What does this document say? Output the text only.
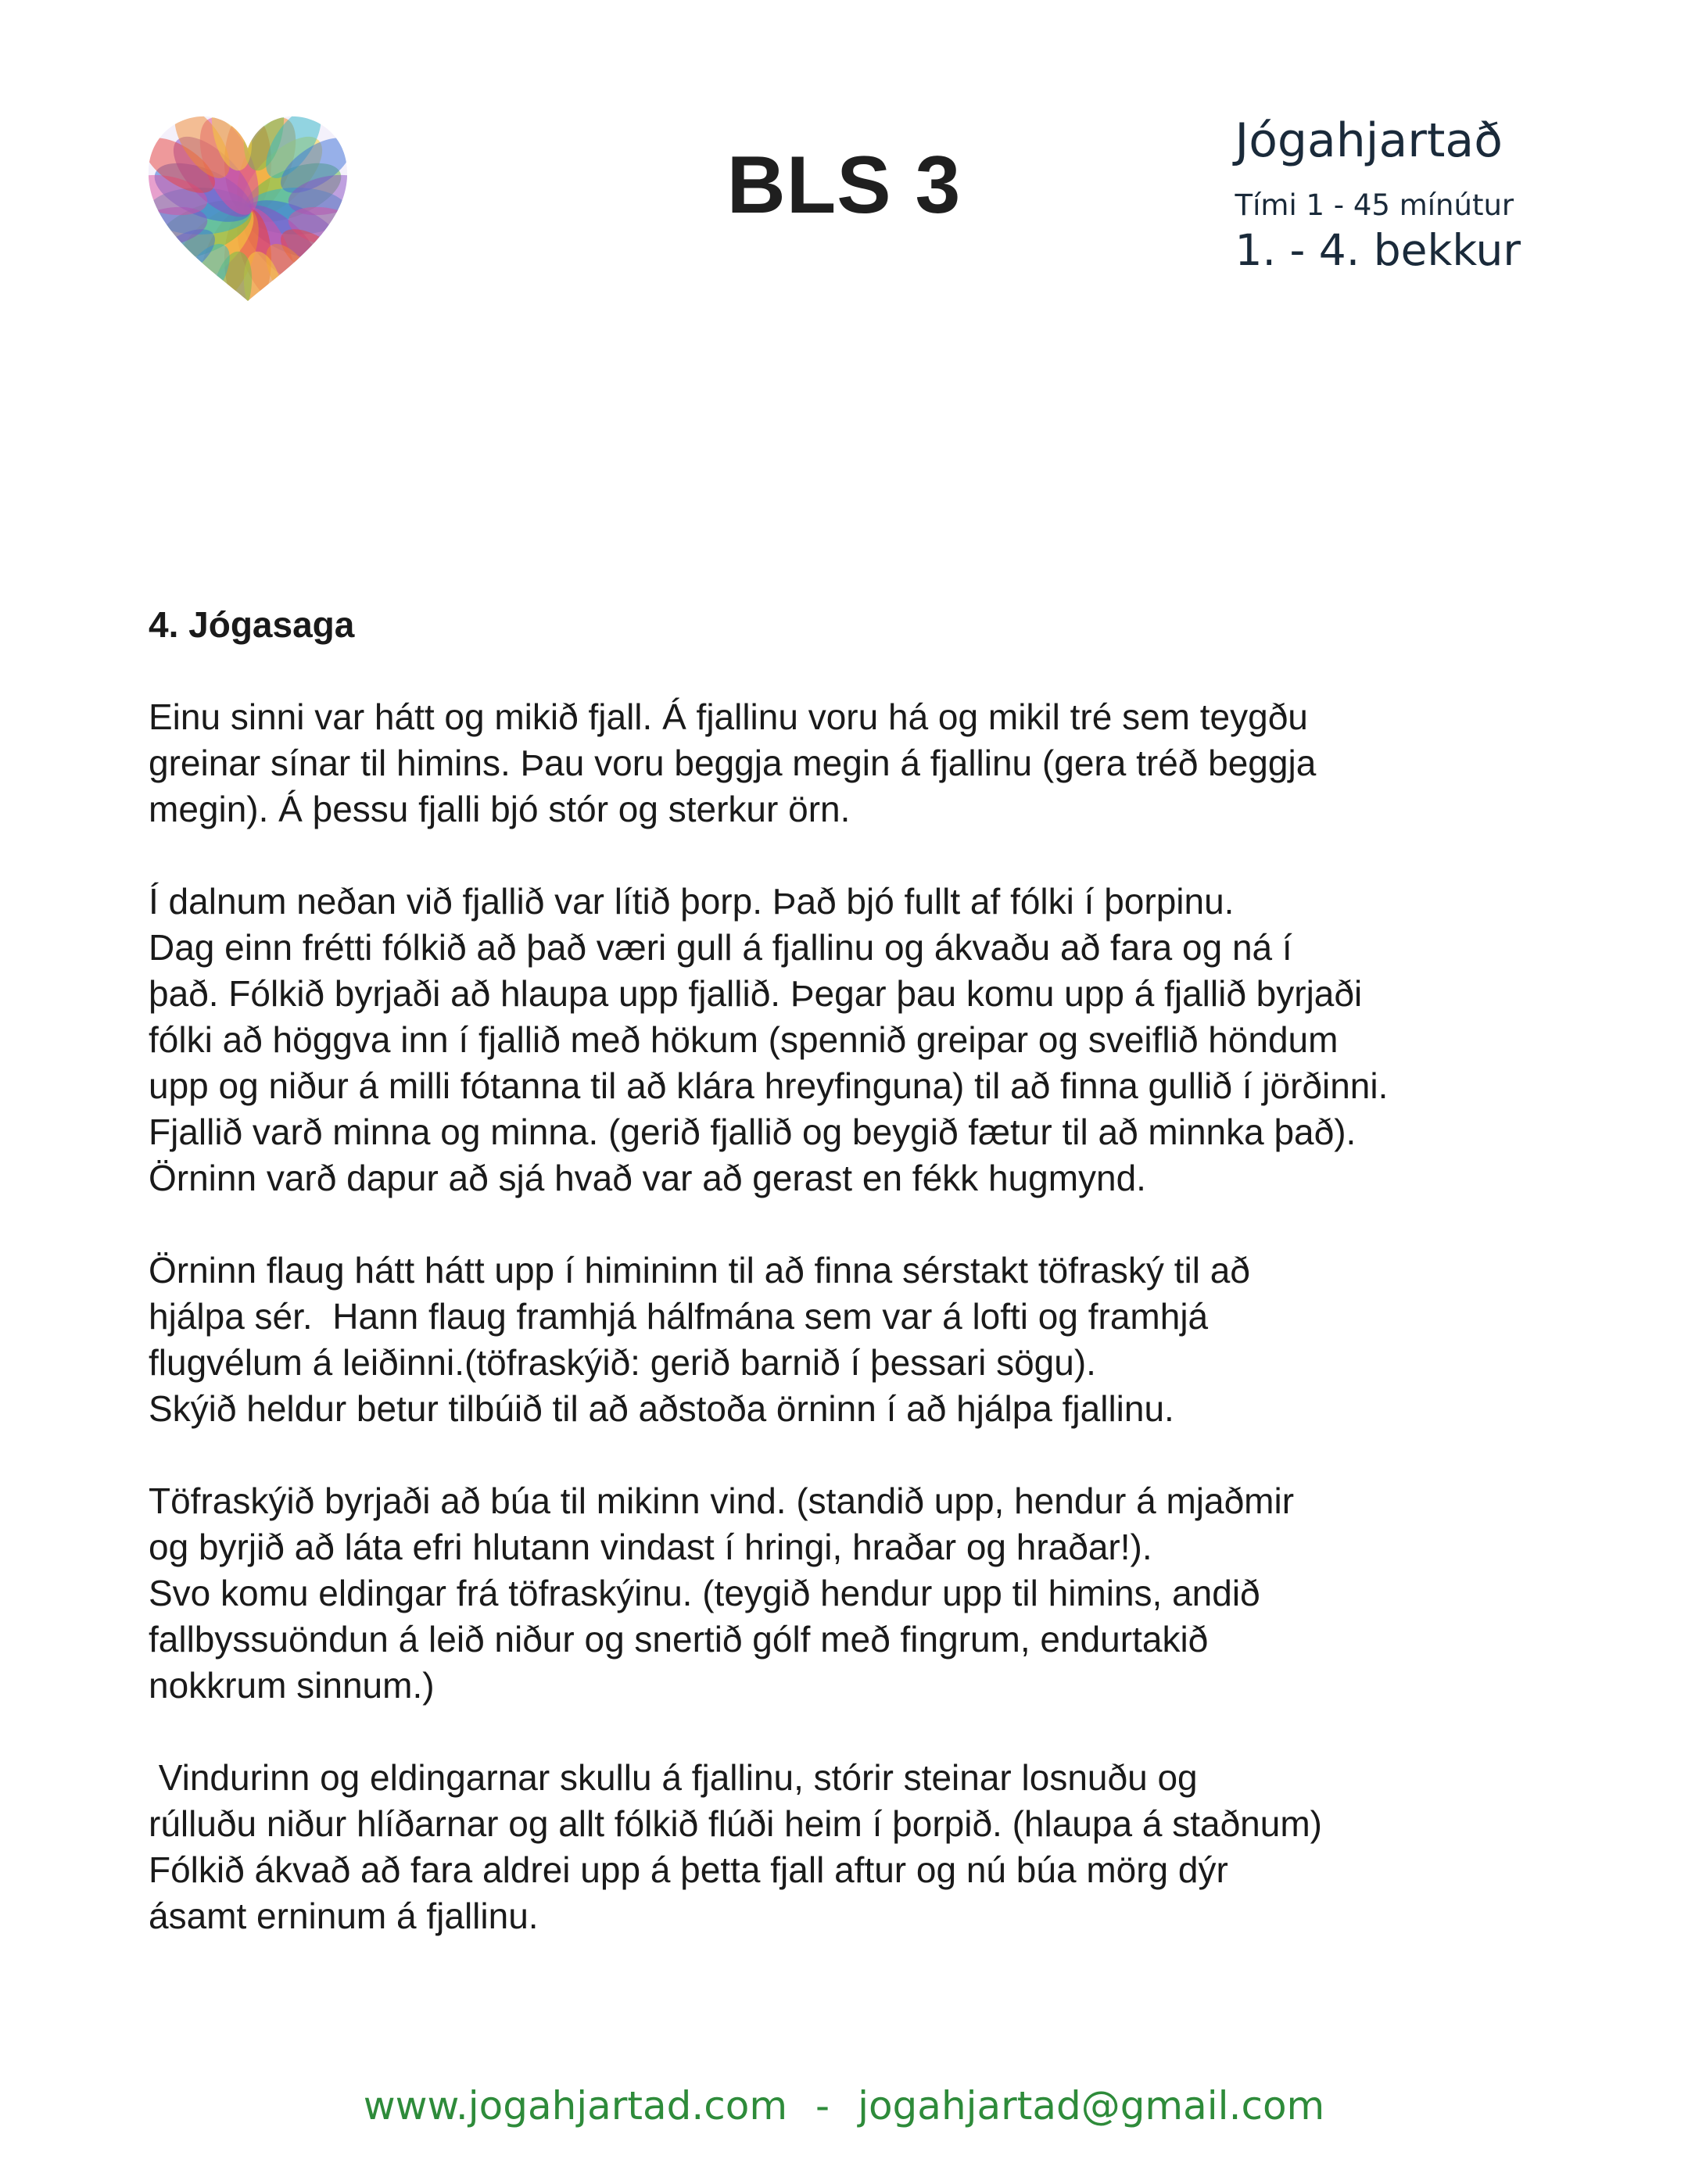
BLS 3	Jógahjartað
Tími 1 - 45 mínútur
1. - 4. bekkur
4. Jógasaga
Einu sinni var hátt og mikið fjall. Á fjallinu voru há og mikil tré sem teygðu
greinar sínar til himins. Þau voru beggja megin á fjallinu (gera tréð beggja
megin). Á þessu fjalli bjó stór og sterkur örn.
Í dalnum neðan við fjallið var lítið þorp. Það bjó fullt af fólki í þorpinu.
Dag einn frétti fólkið að það væri gull á fjallinu og ákvaðu að fara og ná í
það. Fólkið byrjaði að hlaupa upp fjallið. Þegar þau komu upp á fjallið byrjaði
fólki að höggva inn í fjallið með hökum (spennið greipar og sveiflið höndum
upp og niður á milli fótanna til að klára hreyfinguna) til að finna gullið í jörðinni.
Fjallið varð minna og minna. (gerið fjallið og beygið fætur til að minnka það).
Örninn varð dapur að sjá hvað var að gerast en fékk hugmynd.
Örninn flaug hátt hátt upp í himininn til að finna sérstakt töfraský til að
hjálpa sér.  Hann flaug framhjá hálfmána sem var á lofti og framhjá
flugvélum á leiðinni.(töfraskýið: gerið barnið í þessari sögu).
Skýið heldur betur tilbúið til að aðstoða örninn í að hjálpa fjallinu.
Töfraskýið byrjaði að búa til mikinn vind. (standið upp, hendur á mjaðmir
og byrjið að láta efri hlutann vindast í hringi, hraðar og hraðar!).
Svo komu eldingar frá töfraskýinu. (teygið hendur upp til himins, andið
fallbyssuöndun á leið niður og snertið gólf með fingrum, endurtakið
nokkrum sinnum.)
Vindurinn og eldingarnar skullu á fjallinu, stórir steinar losnuðu og
rúlluðu niður hlíðarnar og allt fólkið flúði heim í þorpið. (hlaupa á staðnum)
Fólkið ákvað að fara aldrei upp á þetta fjall aftur og nú búa mörg dýr
ásamt erninum á fjallinu.
www.jogahjartad.com - jogahjartad@gmail.com
